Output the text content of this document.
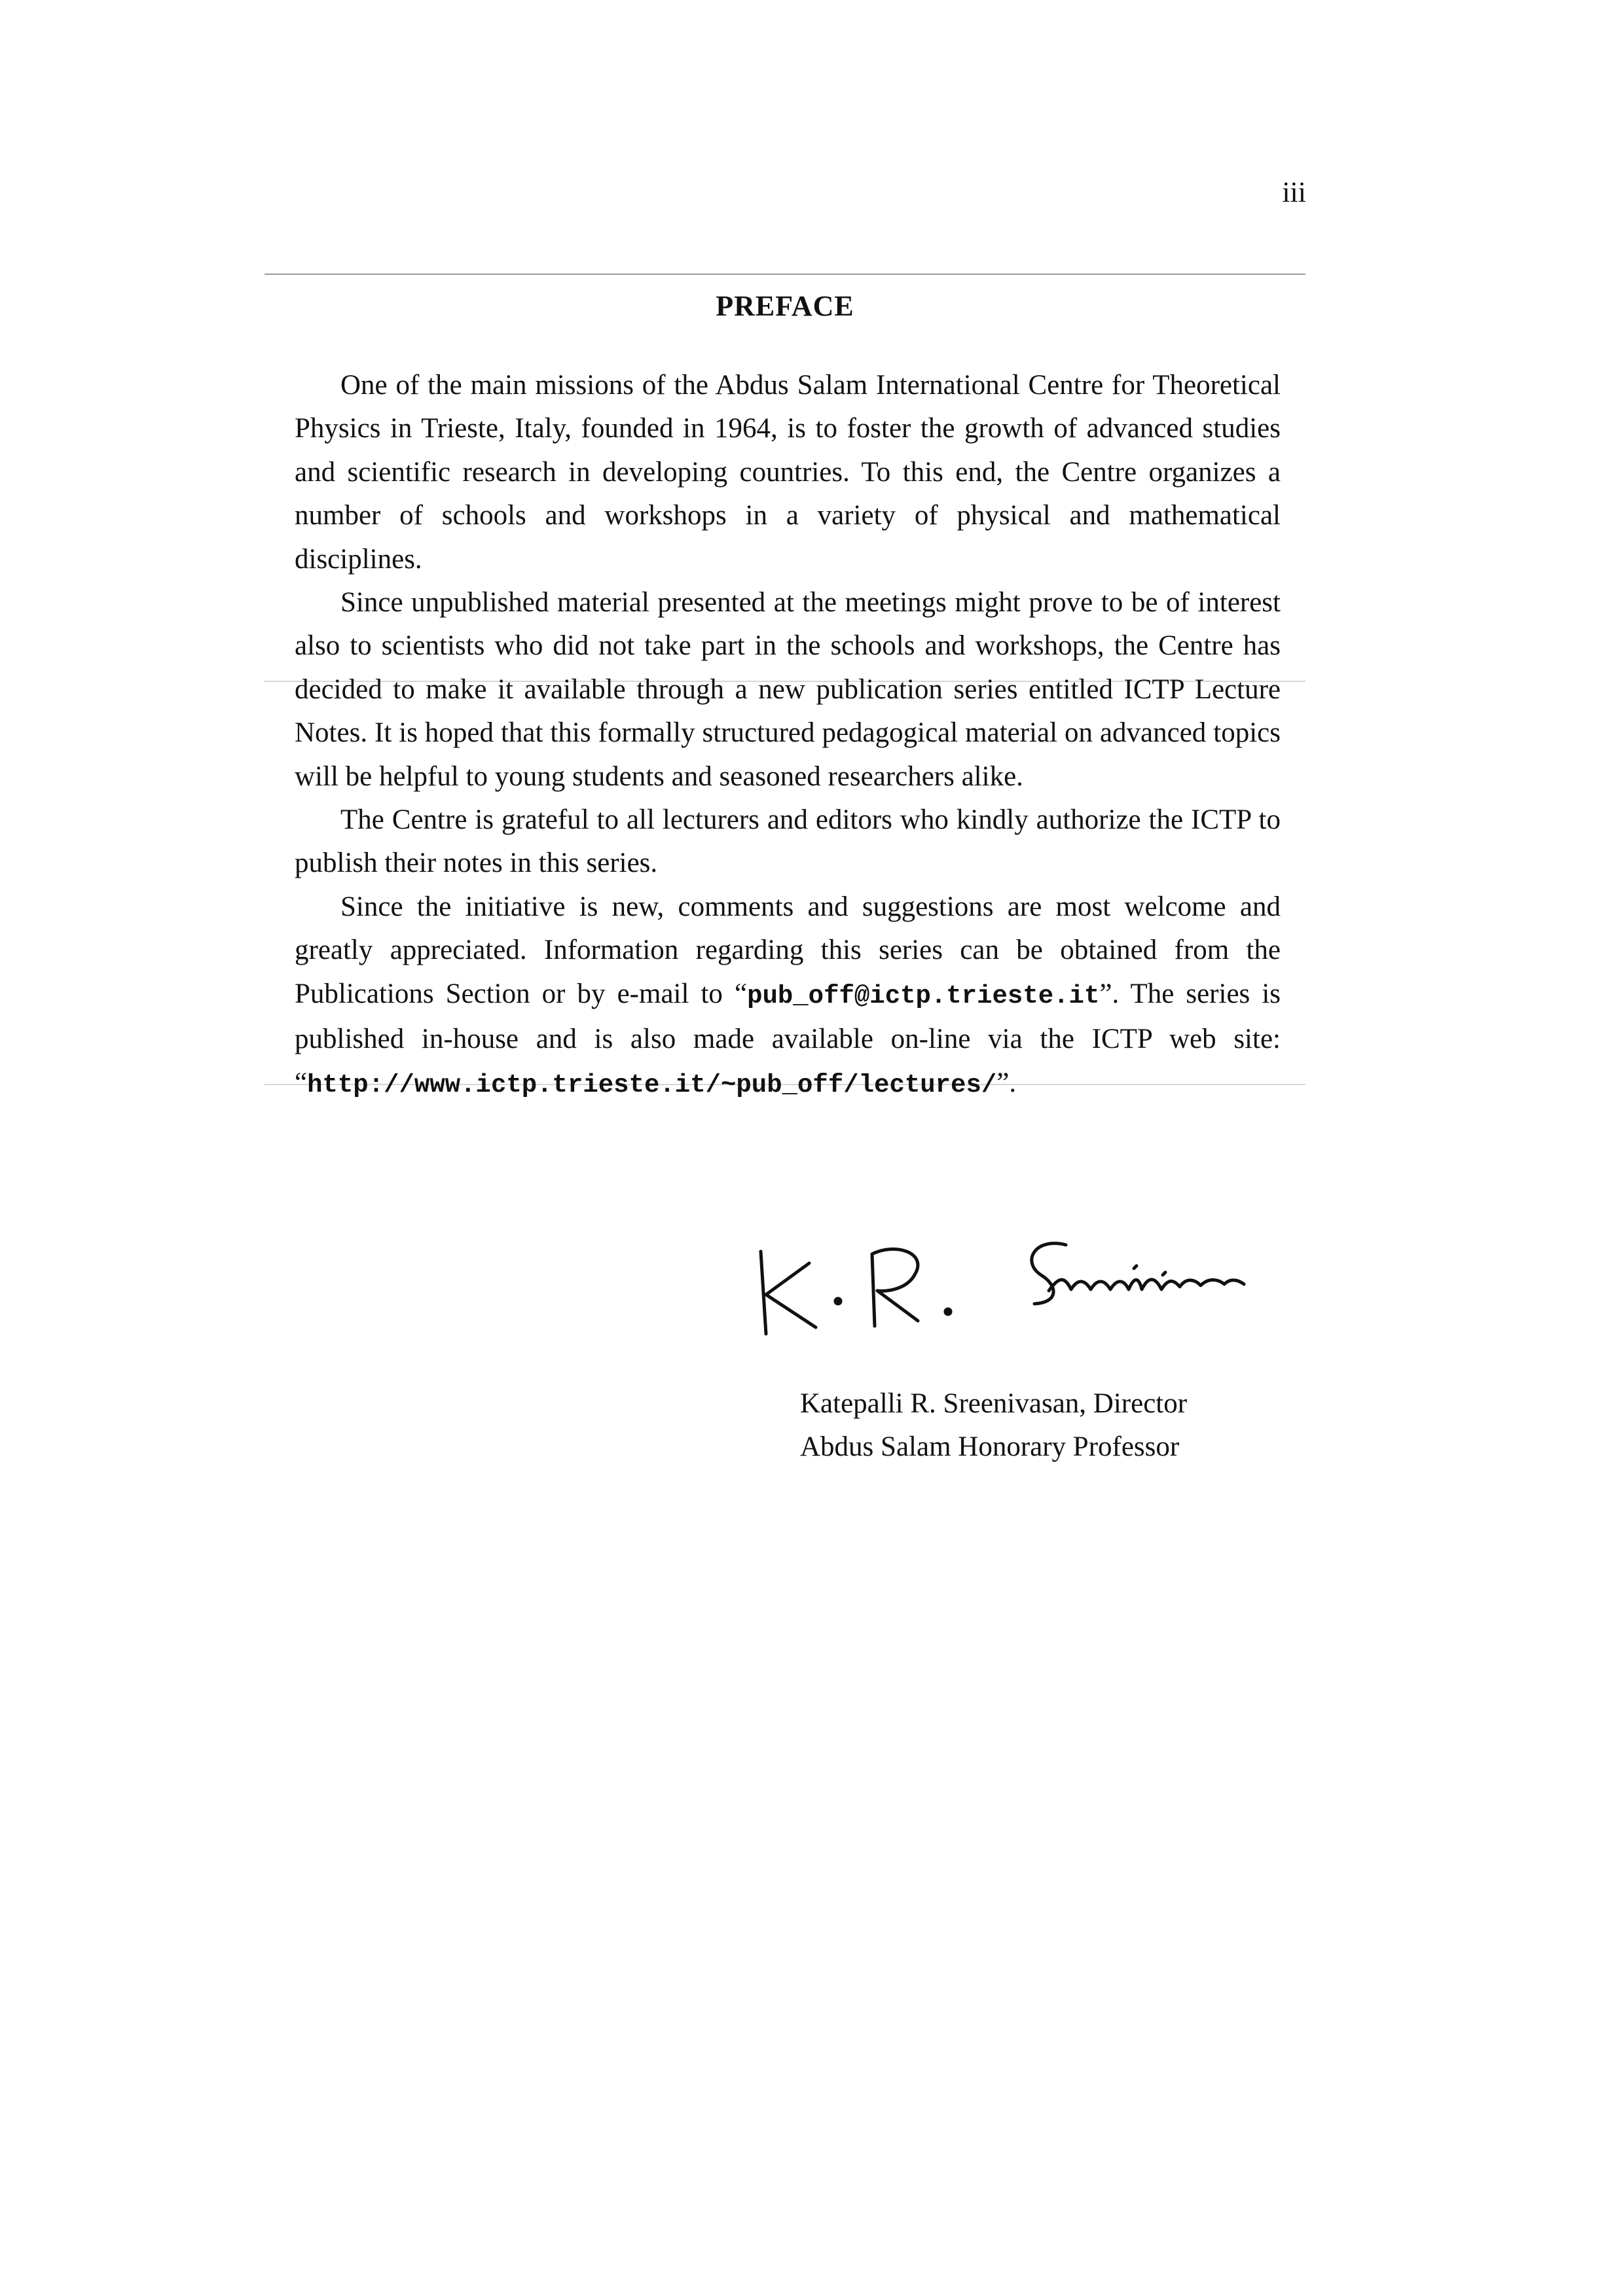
iii
PREFACE

One of the main missions of the Abdus Salam International Centre for Theoretical Physics in Trieste, Italy, founded in 1964, is to foster the growth of advanced studies and scientific research in developing countries. To this end, the Centre organizes a number of schools and workshops in a variety of physical and mathematical disciplines.

Since unpublished material presented at the meetings might prove to be of interest also to scientists who did not take part in the schools and workshops, the Centre has decided to make it available through a new publication series entitled ICTP Lecture Notes. It is hoped that this formally structured pedagogical material on advanced topics will be helpful to young students and seasoned researchers alike.

The Centre is grateful to all lecturers and editors who kindly authorize the ICTP to publish their notes in this series.

Since the initiative is new, comments and suggestions are most welcome and greatly appreciated. Information regarding this series can be obtained from the Publications Section or by e-mail to “pub_off@ictp.trieste.it”. The series is published in-house and is also made available on-line via the ICTP web site: “http://www.ictp.trieste.it/~pub_off/lectures/”.

Katepalli R. Sreenivasan, Director
Abdus Salam Honorary Professor
